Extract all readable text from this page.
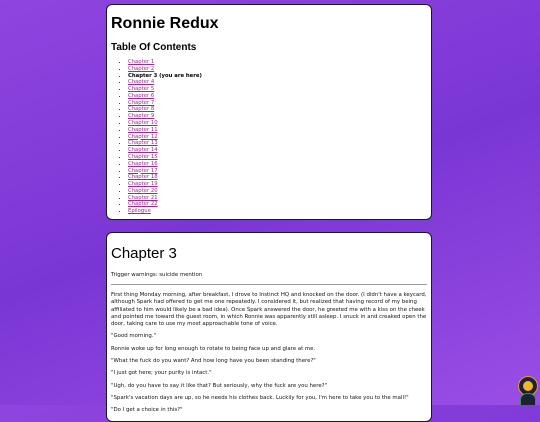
Ronnie Redux
Table Of Contents
• Chapter 1
• Chapter 2
• Chapter 3 (you are here)
• Chapter 4
• Chapter 5
• Chapter 6
• Chapter 7
• Chapter 8
• Chapter 9
• Chapter 10
• Chapter 11
• Chapter 12
• Chapter 13
• Chapter 14
• Chapter 15
• Chapter 16
• Chapter 17
• Chapter 18
• Chapter 19
• Chapter 20
• Chapter 21
• Chapter 22
• Epilogue
Chapter 3

Trigger warnings: suicide mention

First thing Monday morning, after breakfast, I drove to Instinct HQ and knocked on the door. (I didn't have a keycard, although Spark had offered to get me one repeatedly. I considered it, but realized that having record of my being affiliated to him would likely be a bad idea). Once Spark answered the door, he greeted me with a kiss on the cheek and pointed me toward the guest room, in which Ronnie was apparently still asleep. I snuck in and creaked open the door, taking care to use my most approachable tone of voice.

"Good morning."

Ronnie woke up for long enough to rotate to being face up and glare at me.

"What the fuck do you want? And how long have you been standing there?"

"I just got here; your purity is intact."

"Ugh, do you have to say it like that? But seriously, why the fuck are you here?"

"Spark's vacation days are up, so he needs his clothes back. Luckily for you, I'm here to take you to the mall!"

"Do I get a choice in this?"
